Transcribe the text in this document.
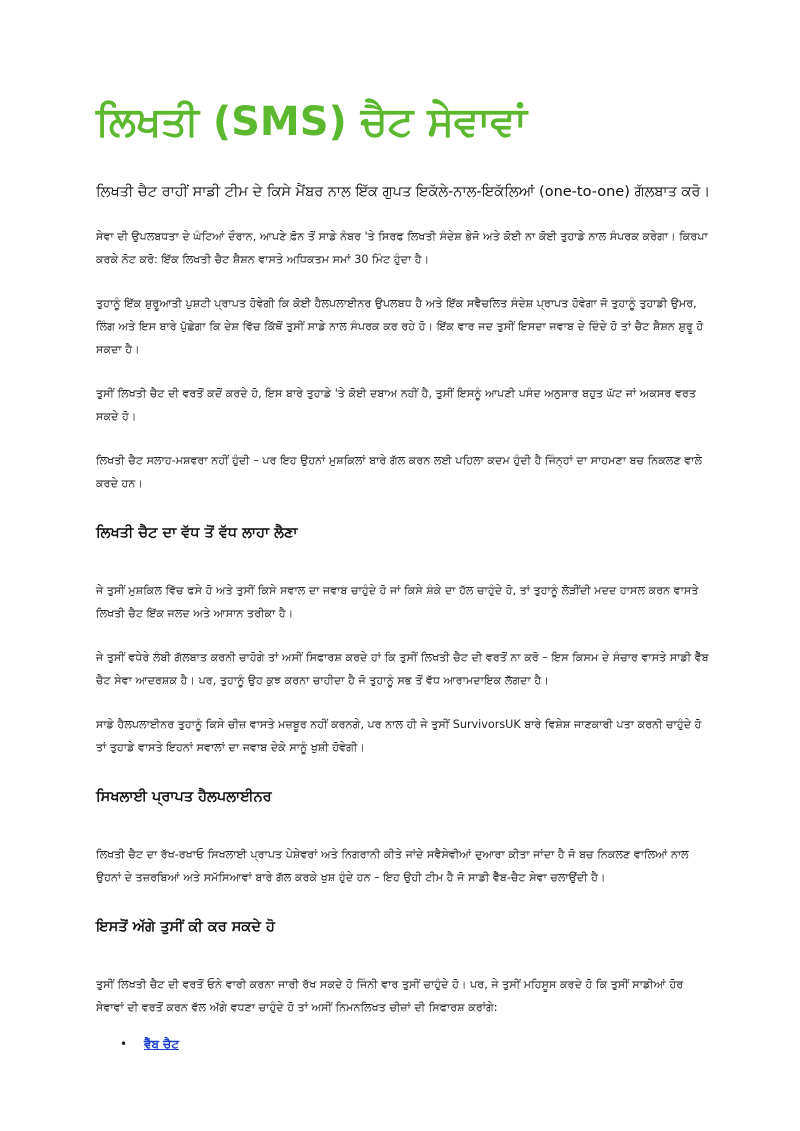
ਲਿਖਤੀ (SMS) ਚੈਟ ਸੇਵਾਵਾਂ

ਲਿਖਤੀ ਚੈਟ ਰਾਹੀਂ ਸਾਡੀ ਟੀਮ ਦੇ ਕਿਸੇ ਮੈਂਬਰ ਨਾਲ ਇੱਕ ਗੁਪਤ ਇਕੱਲੇ-ਨਾਲ-ਇਕੱਲਿਆਂ (one-to-one) ਗੱਲਬਾਤ ਕਰੋ।

ਸੇਵਾ ਦੀ ਉਪਲਬਧਤਾ ਦੇ ਘੰਟਿਆਂ ਦੌਰਾਨ, ਆਪਣੇ ਫ਼ੋਨ ਤੋਂ ਸਾਡੇ ਨੰਬਰ 'ਤੇ ਸਿਰਫ ਲਿਖਤੀ ਸੰਦੇਸ਼ ਭੇਜੋ ਅਤੇ ਕੋਈ ਨਾ ਕੋਈ ਤੁਹਾਡੇ ਨਾਲ ਸੰਪਰਕ ਕਰੇਗਾ। ਕਿਰਪਾ ਕਰਕੇ ਨੋਟ ਕਰੋ: ਇੱਕ ਲਿਖਤੀ ਚੈਟ ਸ਼ੈਸ਼ਨ ਵਾਸਤੇ ਅਧਿਕਤਮ ਸਮਾਂ 30 ਮਿੰਟ ਹੁੰਦਾ ਹੈ।

ਤੁਹਾਨੂੰ ਇੱਕ ਸ਼ੁਰੂਆਤੀ ਪੁਸ਼ਟੀ ਪ੍ਰਾਪਤ ਹੋਵੇਗੀ ਕਿ ਕੋਈ ਹੈਲਪਲਾਈਨਰ ਉਪਲਬਧ ਹੈ ਅਤੇ ਇੱਕ ਸਵੈਚਲਿਤ ਸੰਦੇਸ਼ ਪ੍ਰਾਪਤ ਹੋਵੇਗਾ ਜੋ ਤੁਹਾਨੂੰ ਤੁਹਾਡੀ ਉਮਰ, ਲਿੰਗ ਅਤੇ ਇਸ ਬਾਰੇ ਪੁੱਛੇਗਾ ਕਿ ਦੇਸ਼ ਵਿੱਚ ਕਿੱਥੋਂ ਤੁਸੀਂ ਸਾਡੇ ਨਾਲ ਸੰਪਰਕ ਕਰ ਰਹੇ ਹੋ। ਇੱਕ ਵਾਰ ਜਦ ਤੁਸੀਂ ਇਸਦਾ ਜਵਾਬ ਦੇ ਦਿੰਦੇ ਹੋ ਤਾਂ ਚੈਟ ਸ਼ੈਸ਼ਨ ਸ਼ੁਰੂ ਹੋ ਸਕਦਾ ਹੈ।

ਤੁਸੀਂ ਲਿਖਤੀ ਚੈਟ ਦੀ ਵਰਤੋਂ ਕਦੋਂ ਕਰਦੇ ਹੋ, ਇਸ ਬਾਰੇ ਤੁਹਾਡੇ 'ਤੇ ਕੋਈ ਦਬਾਅ ਨਹੀਂ ਹੈ, ਤੁਸੀਂ ਇਸਨੂੰ ਆਪਣੀ ਪਸੰਦ ਅਨੁਸਾਰ ਬਹੁਤ ਘੱਟ ਜਾਂ ਅਕਸਰ ਵਰਤ ਸਕਦੇ ਹੋ।

ਲਿਖਤੀ ਚੈਟ ਸਲਾਹ-ਮਸ਼ਵਰਾ ਨਹੀਂ ਹੁੰਦੀ – ਪਰ ਇਹ ਉਹਨਾਂ ਮੁਸ਼ਕਿਲਾਂ ਬਾਰੇ ਗੱਲ ਕਰਨ ਲਈ ਪਹਿਲਾ ਕਦਮ ਹੁੰਦੀ ਹੈ ਜਿੰਨ੍ਹਾਂ ਦਾ ਸਾਹਮਣਾ ਬਚ ਨਿਕਲਣ ਵਾਲੇ ਕਰਦੇ ਹਨ।

ਲਿਖਤੀ ਚੈਟ ਦਾ ਵੱਧ ਤੋਂ ਵੱਧ ਲਾਹਾ ਲੈਣਾ

ਜੇ ਤੁਸੀਂ ਮੁਸ਼ਕਿਲ ਵਿੱਚ ਫਸੇ ਹੋ ਅਤੇ ਤੁਸੀਂ ਕਿਸੇ ਸਵਾਲ ਦਾ ਜਵਾਬ ਚਾਹੁੰਦੇ ਹੋ ਜਾਂ ਕਿਸੇ ਸ਼ੰਕੇ ਦਾ ਹੱਲ ਚਾਹੁੰਦੇ ਹੋ, ਤਾਂ ਤੁਹਾਨੂੰ ਲੋੜੀਂਦੀ ਮਦਦ ਹਾਸਲ ਕਰਨ ਵਾਸਤੇ ਲਿਖਤੀ ਚੈਟ ਇੱਕ ਜਲਦ ਅਤੇ ਆਸਾਨ ਤਰੀਕਾ ਹੈ।

ਜੇ ਤੁਸੀਂ ਵਧੇਰੇ ਲੰਬੀ ਗੱਲਬਾਤ ਕਰਨੀ ਚਾਹੋਗੇ ਤਾਂ ਅਸੀਂ ਸਿਫਾਰਸ਼ ਕਰਦੇ ਹਾਂ ਕਿ ਤੁਸੀਂ ਲਿਖਤੀ ਚੈਟ ਦੀ ਵਰਤੋਂ ਨਾ ਕਰੋ – ਇਸ ਕਿਸਮ ਦੇ ਸੰਚਾਰ ਵਾਸਤੇ ਸਾਡੀ ਵੈੱਬ ਚੈਟ ਸੇਵਾ ਆਦਰਸ਼ਕ ਹੈ। ਪਰ, ਤੁਹਾਨੂੰ ਉਹ ਕੁਝ ਕਰਨਾ ਚਾਹੀਦਾ ਹੈ ਜੋ ਤੁਹਾਨੂੰ ਸਭ ਤੋਂ ਵੱਧ ਆਰਾਮਦਾਇਕ ਲੱਗਦਾ ਹੈ।

ਸਾਡੇ ਹੈਲਪਲਾਈਨਰ ਤੁਹਾਨੂੰ ਕਿਸੇ ਚੀਜ਼ ਵਾਸਤੇ ਮਜ਼ਬੂਰ ਨਹੀਂ ਕਰਨਗੇ, ਪਰ ਨਾਲ ਹੀ ਜੇ ਤੁਸੀਂ SurvivorsUK ਬਾਰੇ ਵਿਸ਼ੇਸ਼ ਜਾਣਕਾਰੀ ਪਤਾ ਕਰਨੀ ਚਾਹੁੰਦੇ ਹੋ ਤਾਂ ਤੁਹਾਡੇ ਵਾਸਤੇ ਇਹਨਾਂ ਸਵਾਲਾਂ ਦਾ ਜਵਾਬ ਦੇਕੇ ਸਾਨੂੰ ਖੁਸ਼ੀ ਹੋਵੇਗੀ।

ਸਿਖਲਾਈ ਪ੍ਰਾਪਤ ਹੈਲਪਲਾਈਨਰ

ਲਿਖਤੀ ਚੈਟ ਦਾ ਰੱਖ-ਰਖਾਓ ਸਿਖਲਾਈ ਪ੍ਰਾਪਤ ਪੇਸ਼ੇਵਰਾਂ ਅਤੇ ਨਿਗਰਾਨੀ ਕੀਤੇ ਜਾਂਦੇ ਸਵੈਸੇਵੀਆਂ ਦੁਆਰਾ ਕੀਤਾ ਜਾਂਦਾ ਹੈ ਜੋ ਬਚ ਨਿਕਲਣ ਵਾਲਿਆਂ ਨਾਲ ਉਹਨਾਂ ਦੇ ਤਜ਼ਰਬਿਆਂ ਅਤੇ ਸਮੱਸਿਆਵਾਂ ਬਾਰੇ ਗੱਲ ਕਰਕੇ ਖੁਸ਼ ਹੁੰਦੇ ਹਨ – ਇਹ ਉਹੀ ਟੀਮ ਹੈ ਜੋ ਸਾਡੀ ਵੈੱਬ-ਚੈਟ ਸੇਵਾ ਚਲਾਉਂਦੀ ਹੈ।

ਇਸਤੋਂ ਅੱਗੇ ਤੁਸੀਂ ਕੀ ਕਰ ਸਕਦੇ ਹੋ

ਤੁਸੀਂ ਲਿਖਤੀ ਚੈਟ ਦੀ ਵਰਤੋਂ ਓਨੇ ਵਾਰੀ ਕਰਨਾ ਜਾਰੀ ਰੱਖ ਸਕਦੇ ਹੋ ਜਿੰਨੀ ਵਾਰ ਤੁਸੀਂ ਚਾਹੁੰਦੇ ਹੋ। ਪਰ, ਜੇ ਤੁਸੀਂ ਮਹਿਸੂਸ ਕਰਦੇ ਹੋ ਕਿ ਤੁਸੀਂ ਸਾਡੀਆਂ ਹੋਰ ਸੇਵਾਵਾਂ ਦੀ ਵਰਤੋਂ ਕਰਨ ਵੱਲ ਅੱਗੇ ਵਧਣਾ ਚਾਹੁੰਦੇ ਹੋ ਤਾਂ ਅਸੀਂ ਨਿਮਨਲਿਖਤ ਚੀਜ਼ਾਂ ਦੀ ਸਿਫਾਰਸ਼ ਕਰਾਂਗੇ:

• ਵੈੱਬ ਚੈਟ
